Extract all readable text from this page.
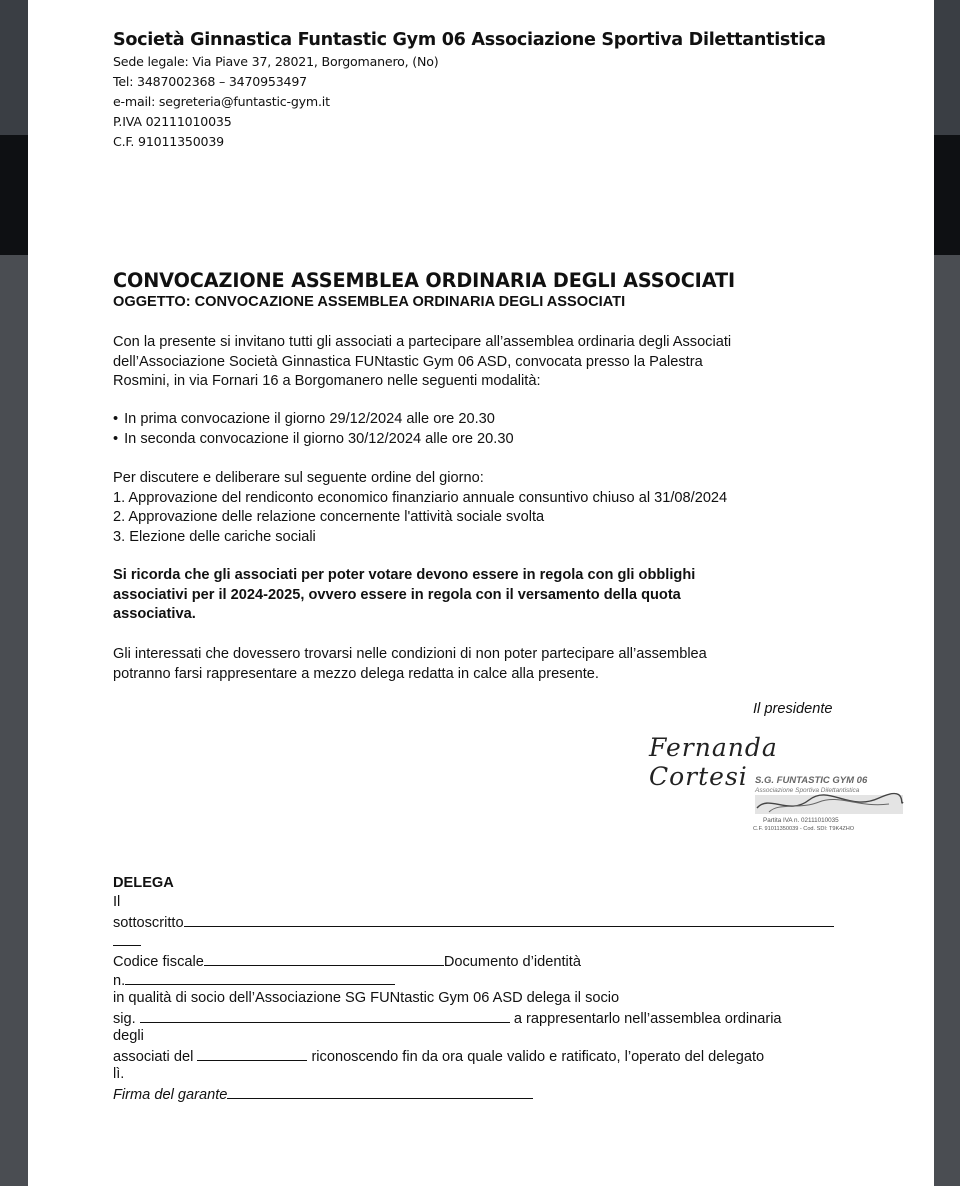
Società Ginnastica Funtastic Gym 06 Associazione Sportiva Dilettantistica
Sede legale: Via Piave 37, 28021, Borgomanero, (No)
Tel: 3487002368 – 3470953497
e-mail: segreteria@funtastic-gym.it
P.IVA 02111010035
C.F. 91011350039
CONVOCAZIONE ASSEMBLEA ORDINARIA DEGLI ASSOCIATI
OGGETTO: CONVOCAZIONE ASSEMBLEA ORDINARIA DEGLI ASSOCIATI
Con la presente si invitano tutti gli associati a partecipare all’assemblea ordinaria degli Associati
dell’Associazione Società Ginnastica FUNtastic Gym 06 ASD, convocata presso la Palestra
Rosmini, in via Fornari 16 a Borgomanero nelle seguenti modalità:
• In prima convocazione il giorno 29/12/2024 alle ore 20.30
• In seconda convocazione il giorno 30/12/2024 alle ore 20.30
Per discutere e deliberare sul seguente ordine del giorno:
1. Approvazione del rendiconto economico finanziario annuale consuntivo chiuso al 31/08/2024
2. Approvazione delle relazione concernente l'attività sociale svolta
3. Elezione delle cariche sociali
Si ricorda che gli associati per poter votare devono essere in regola con gli obblighi
associativi per il 2024-2025, ovvero essere in regola con il versamento della quota
associativa.
Gli interessati che dovessero trovarsi nelle condizioni di non poter partecipare all’assemblea
potranno farsi rappresentare a mezzo delega redatta in calce alla presente.
Il presidente
Fernanda Cortesi S.G. FUNTASTIC GYM 06
Associazione Sportiva Dilettantistica
Partita IVA n. 02111010035
C.F. 91011350039 - Cod. SDI: T9K4ZHO
DELEGA
Il
sottoscritto
Codice fiscale	Documento d’identità
n.
in qualità di socio dell’Associazione SG FUNtastic Gym 06 ASD delega il socio
sig.	a rappresentarlo nell’assemblea ordinaria
degli
associati del	riconoscendo fin da ora quale valido e ratificato, l’operato del delegato
lì.
Firma del garante
